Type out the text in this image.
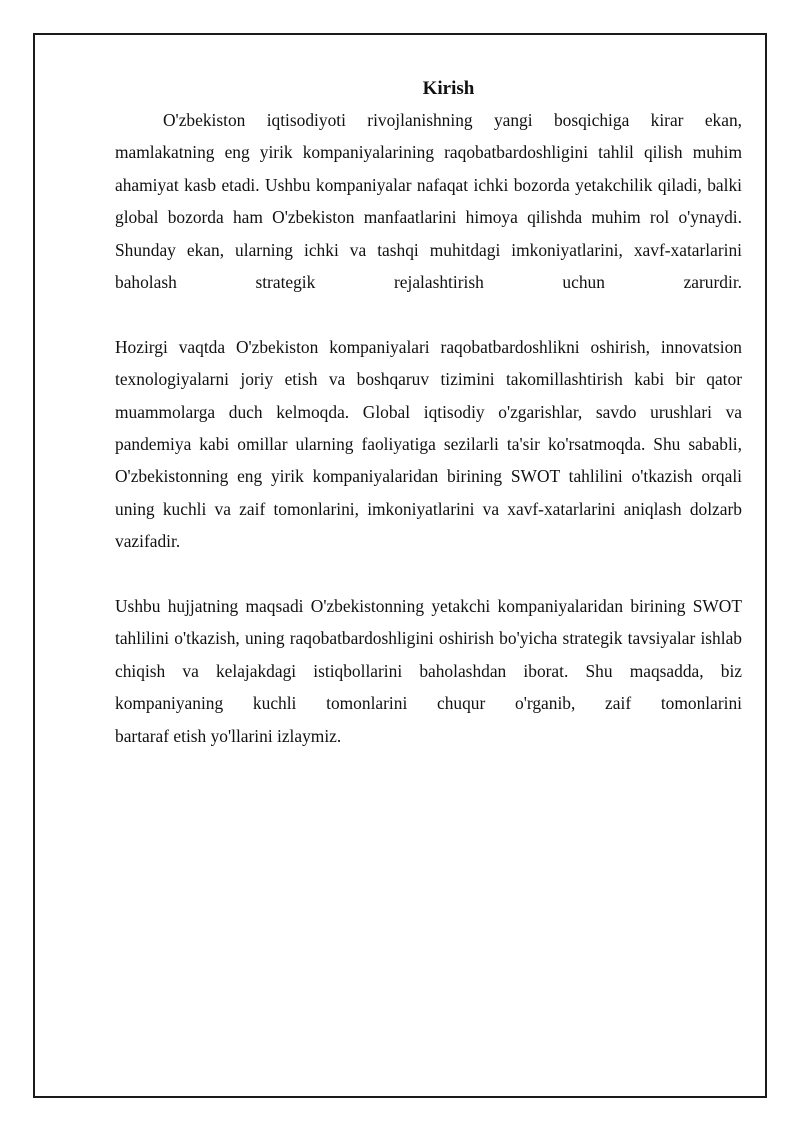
Kirish

O'zbekiston iqtisodiyoti rivojlanishning yangi bosqichiga kirar ekan, mamlakatning eng yirik kompaniyalarining raqobatbardoshligini tahlil qilish muhim ahamiyat kasb etadi. Ushbu kompaniyalar nafaqat ichki bozorda yetakchilik qiladi, balki global bozorda ham O'zbekiston manfaatlarini himoya qilishda muhim rol o'ynaydi. Shunday ekan, ularning ichki va tashqi muhitdagi imkoniyatlarini, xavf-xatarlarini baholash strategik rejalashtirish uchun zarurdir.

Hozirgi vaqtda O'zbekiston kompaniyalari raqobatbardoshlikni oshirish, innovatsion texnologiyalarni joriy etish va boshqaruv tizimini takomillashtirish kabi bir qator muammolarga duch kelmoqda. Global iqtisodiy o'zgarishlar, savdo urushlari va pandemiya kabi omillar ularning faoliyatiga sezilarli ta'sir ko'rsatmoqda. Shu sababli, O'zbekistonning eng yirik kompaniyalaridan birining SWOT tahlilini o'tkazish orqali uning kuchli va zaif tomonlarini, imkoniyatlarini va xavf-xatarlarini aniqlash dolzarb vazifadir.

Ushbu hujjatning maqsadi O'zbekistonning yetakchi kompaniyalaridan birining SWOT tahlilini o'tkazish, uning raqobatbardoshligini oshirish bo'yicha strategik tavsiyalar ishlab chiqish va kelajakdagi istiqbollarini baholashdan iborat. Shu maqsadda, biz kompaniyaning kuchli tomonlarini chuqur o'rganib, zaif tomonlarini

bartaraf etish yo'llarini izlaymiz.
